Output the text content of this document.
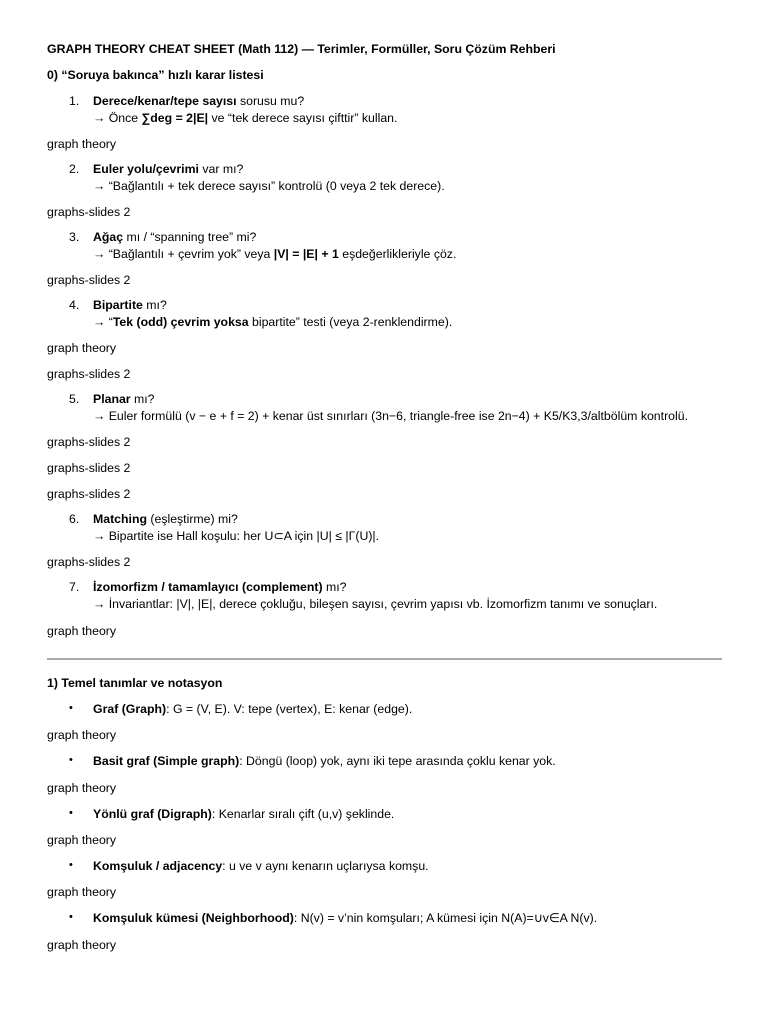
GRAPH THEORY CHEAT SHEET (Math 112) — Terimler, Formüller, Soru Çözüm Rehberi
0) “Soruya bakınca” hızlı karar listesi
1.	Derece/kenar/tepe sayısı sorusu mu?
→ Önce ∑deg = 2|E| ve “tek derece sayısı çifttir” kullan.
graph theory
2.	Euler yolu/çevrimi var mı?
→ “Bağlantılı + tek derece sayısı” kontrolü (0 veya 2 tek derece).
graphs-slides 2
3.	Ağaç mı / “spanning tree” mi?
→ “Bağlantılı + çevrim yok” veya |V| = |E| + 1 eşdeğerlikleriyle çöz.
graphs-slides 2
4.	Bipartite mı?
→ “Tek (odd) çevrim yoksa bipartite” testi (veya 2-renklendirme).
graph theory
graphs-slides 2
5.	Planar mı?
→ Euler formülü (v − e + f = 2) + kenar üst sınırları (3n−6, triangle-free ise 2n−4) + K5/K3,3/altbölüm kontrolü.
graphs-slides 2
graphs-slides 2
graphs-slides 2
6.	Matching (eşleştirme) mi?
→ Bipartite ise Hall koşulu: her U⊂A için |U| ≤ |Γ(U)|.
graphs-slides 2
7.	İzomorfizm / tamamlayıcı (complement) mı?
→ İnvariantlar: |V|, |E|, derece çokluğu, bileşen sayısı, çevrim yapısı vb. İzomorfizm tanımı ve sonuçları.
graph theory
1) Temel tanımlar ve notasyon
• Graf (Graph): G = (V, E). V: tepe (vertex), E: kenar (edge).
graph theory
• Basit graf (Simple graph): Döngü (loop) yok, aynı iki tepe arasında çoklu kenar yok.
graph theory
• Yönlü graf (Digraph): Kenarlar sıralı çift (u,v) şeklinde.
graph theory
• Komşuluk / adjacency: u ve v aynı kenarın uçlarıysa komşu.
graph theory
• Komşuluk kümesi (Neighborhood): N(v) = v’nin komşuları; A kümesi için N(A)=∪v∈A N(v).
graph theory
